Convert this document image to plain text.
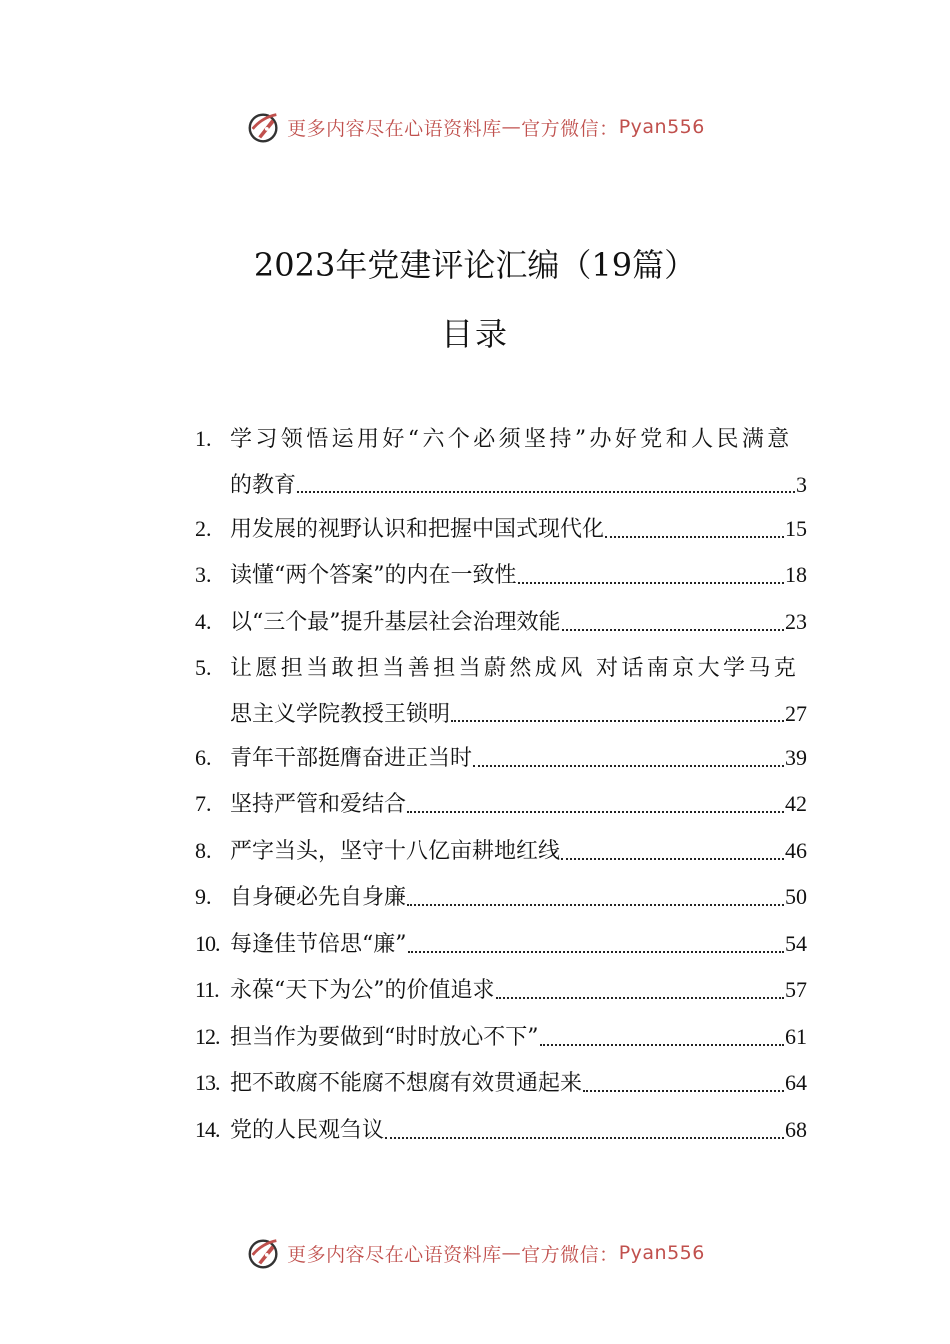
更多内容尽在心语资料库 — 官方微信： Pyan556
2023年党建评论汇编（19篇）
目录
1. 学习领悟运用好“六个必须坚持”办好党和人民满意
的教育	3
2. 用发展的视野认识和把握中国式现代化	15
3. 读懂“两个答案”的内在一致性	18
4. 以“三个最”提升基层社会治理效能	23
5. 让愿担当敢担当善担当蔚然成风 对话南京大学马克
思主义学院教授王锁明	27
6. 青年干部挺膺奋进正当时	39
7. 坚持严管和爱结合	42
8. 严字当头，坚守十八亿亩耕地红线	46
9. 自身硬必先自身廉	50
10. 每逢佳节倍思“廉”	54
11. 永葆“天下为公”的价值追求	57
12. 担当作为要做到“时时放心不下”	61
13. 把不敢腐不能腐不想腐有效贯通起来	64
14. 党的人民观刍议	68
更多内容尽在心语资料库 — 官方微信： Pyan556
